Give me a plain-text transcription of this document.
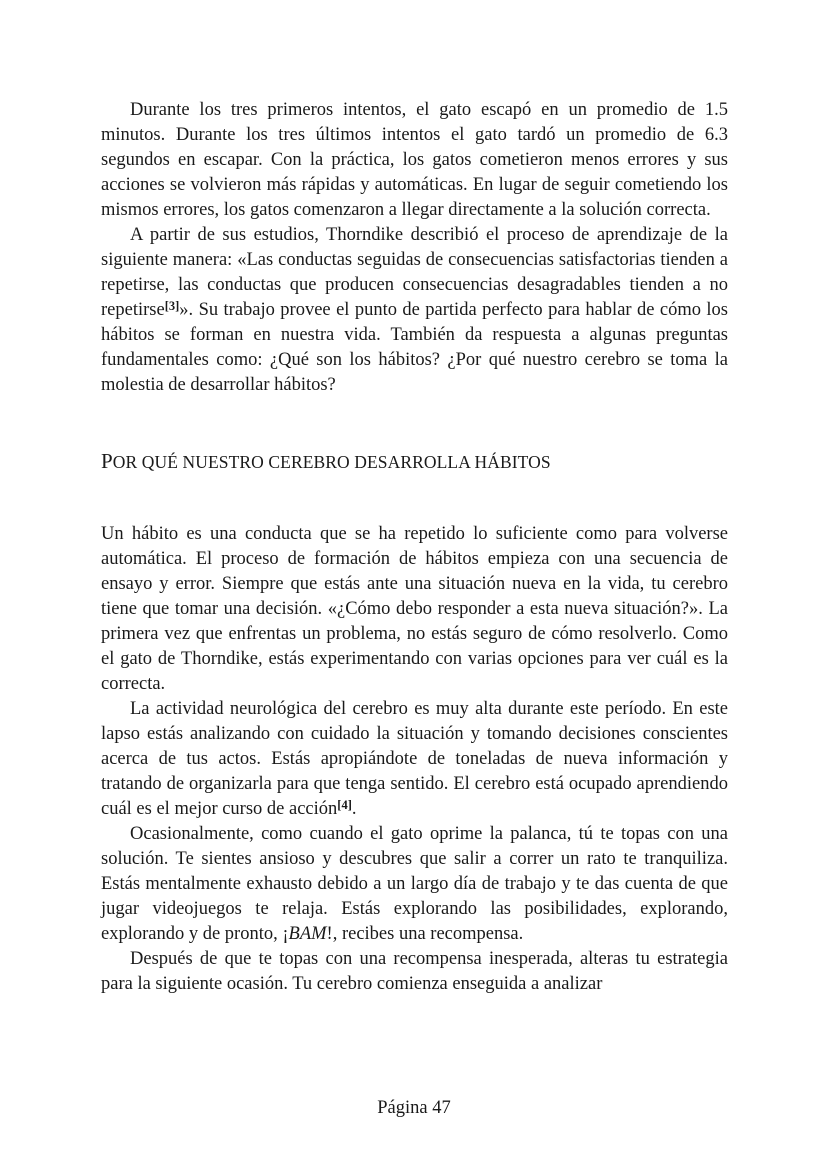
Durante los tres primeros intentos, el gato escapó en un promedio de 1.5 minutos. Durante los tres últimos intentos el gato tardó un promedio de 6.3 segundos en escapar. Con la práctica, los gatos cometieron menos errores y sus acciones se volvieron más rápidas y automáticas. En lugar de seguir cometiendo los mismos errores, los gatos comenzaron a llegar directamente a la solución correcta.

A partir de sus estudios, Thorndike describió el proceso de aprendizaje de la siguiente manera: «Las conductas seguidas de consecuencias satisfactorias tienden a repetirse, las conductas que producen consecuencias desagradables tienden a no repetirse[3]». Su trabajo provee el punto de partida perfecto para hablar de cómo los hábitos se forman en nuestra vida. También da respuesta a algunas preguntas fundamentales como: ¿Qué son los hábitos? ¿Por qué nuestro cerebro se toma la molestia de desarrollar hábitos?

POR QUÉ NUESTRO CEREBRO DESARROLLA HÁBITOS

Un hábito es una conducta que se ha repetido lo suficiente como para volverse automática. El proceso de formación de hábitos empieza con una secuencia de ensayo y error. Siempre que estás ante una situación nueva en la vida, tu cerebro tiene que tomar una decisión. «¿Cómo debo responder a esta nueva situación?». La primera vez que enfrentas un problema, no estás seguro de cómo resolverlo. Como el gato de Thorndike, estás experimentando con varias opciones para ver cuál es la correcta.

La actividad neurológica del cerebro es muy alta durante este período. En este lapso estás analizando con cuidado la situación y tomando decisiones conscientes acerca de tus actos. Estás apropiándote de toneladas de nueva información y tratando de organizarla para que tenga sentido. El cerebro está ocupado aprendiendo cuál es el mejor curso de acción[4].

Ocasionalmente, como cuando el gato oprime la palanca, tú te topas con una solución. Te sientes ansioso y descubres que salir a correr un rato te tranquiliza. Estás mentalmente exhausto debido a un largo día de trabajo y te das cuenta de que jugar videojuegos te relaja. Estás explorando las posibilidades, explorando, explorando y de pronto, ¡BAM!, recibes una recompensa.

Después de que te topas con una recompensa inesperada, alteras tu estrategia para la siguiente ocasión. Tu cerebro comienza enseguida a analizar

Página 47
